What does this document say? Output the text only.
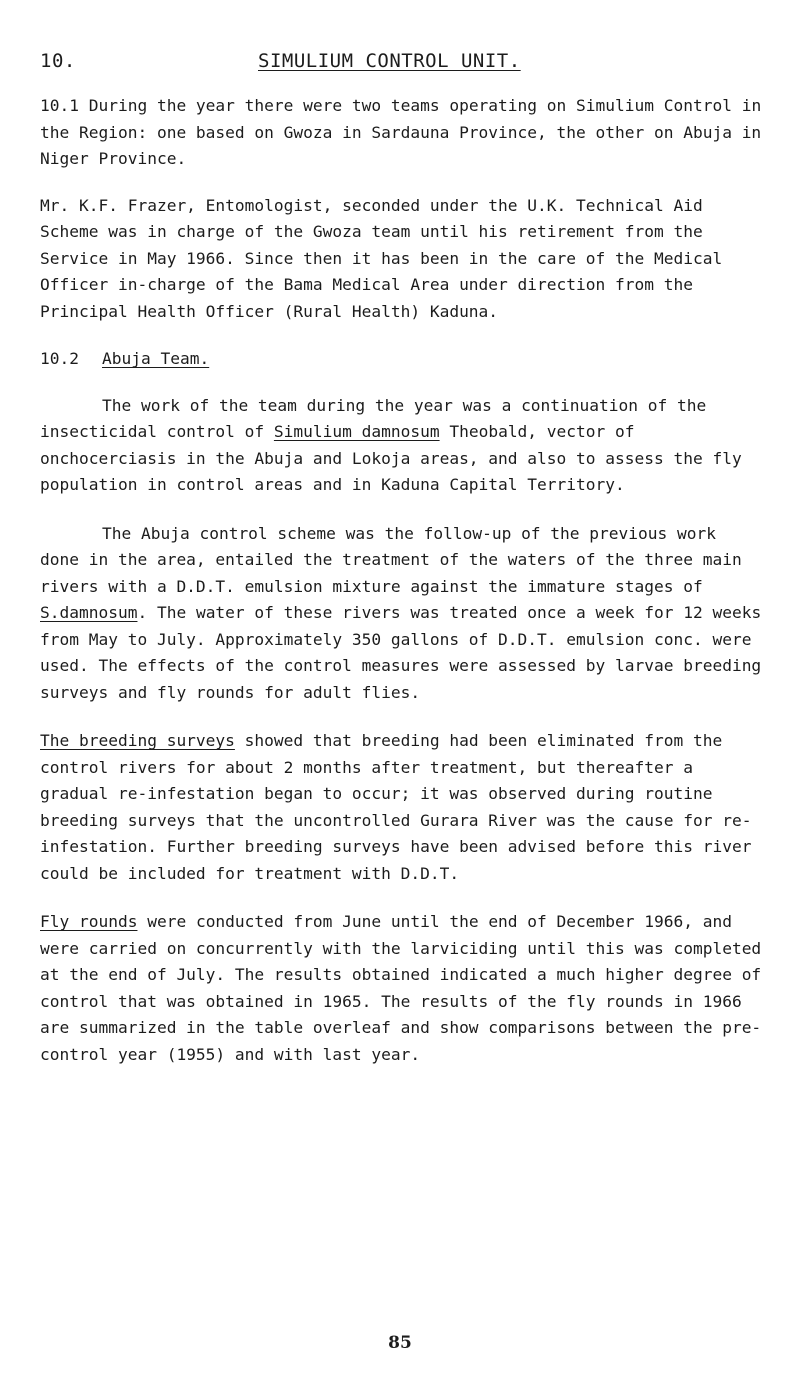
10.	SIMULIUM CONTROL UNIT.

10.1 During the year there were two teams operating on Simulium Control in the Region: one based on Gwoza in Sardauna Province, the other on Abuja in Niger Province.

Mr. K.F. Frazer, Entomologist, seconded under the U.K. Technical Aid Scheme was in charge of the Gwoza team until his retirement from the Service in May 1966. Since then it has been in the care of the Medical Officer in-charge of the Bama Medical Area under direction from the Principal Health Officer (Rural Health) Kaduna.

10.2 Abuja Team.

The work of the team during the year was a continuation of the insecticidal control of Simulium damnosum Theobald, vector of onchocerciasis in the Abuja and Lokoja areas, and also to assess the fly population in control areas and in Kaduna Capital Territory.

The Abuja control scheme was the follow-up of the previous work done in the area, entailed the treatment of the waters of the three main rivers with a D.D.T. emulsion mixture against the immature stages of S.damnosum. The water of these rivers was treated once a week for 12 weeks from May to July. Approximately 350 gallons of D.D.T. emulsion conc. were used. The effects of the control measures were assessed by larvae breeding surveys and fly rounds for adult flies.

The breeding surveys showed that breeding had been eliminated from the control rivers for about 2 months after treatment, but thereafter a gradual re-infestation began to occur; it was observed during routine breeding surveys that the uncontrolled Gurara River was the cause for re-infestation. Further breeding surveys have been advised before this river could be included for treatment with D.D.T.

Fly rounds were conducted from June until the end of December 1966, and were carried on concurrently with the larviciding until this was completed at the end of July. The results obtained indicated a much higher degree of control that was obtained in 1965. The results of the fly rounds in 1966 are summarized in the table overleaf and show comparisons between the pre-control year (1955) and with last year.

85
